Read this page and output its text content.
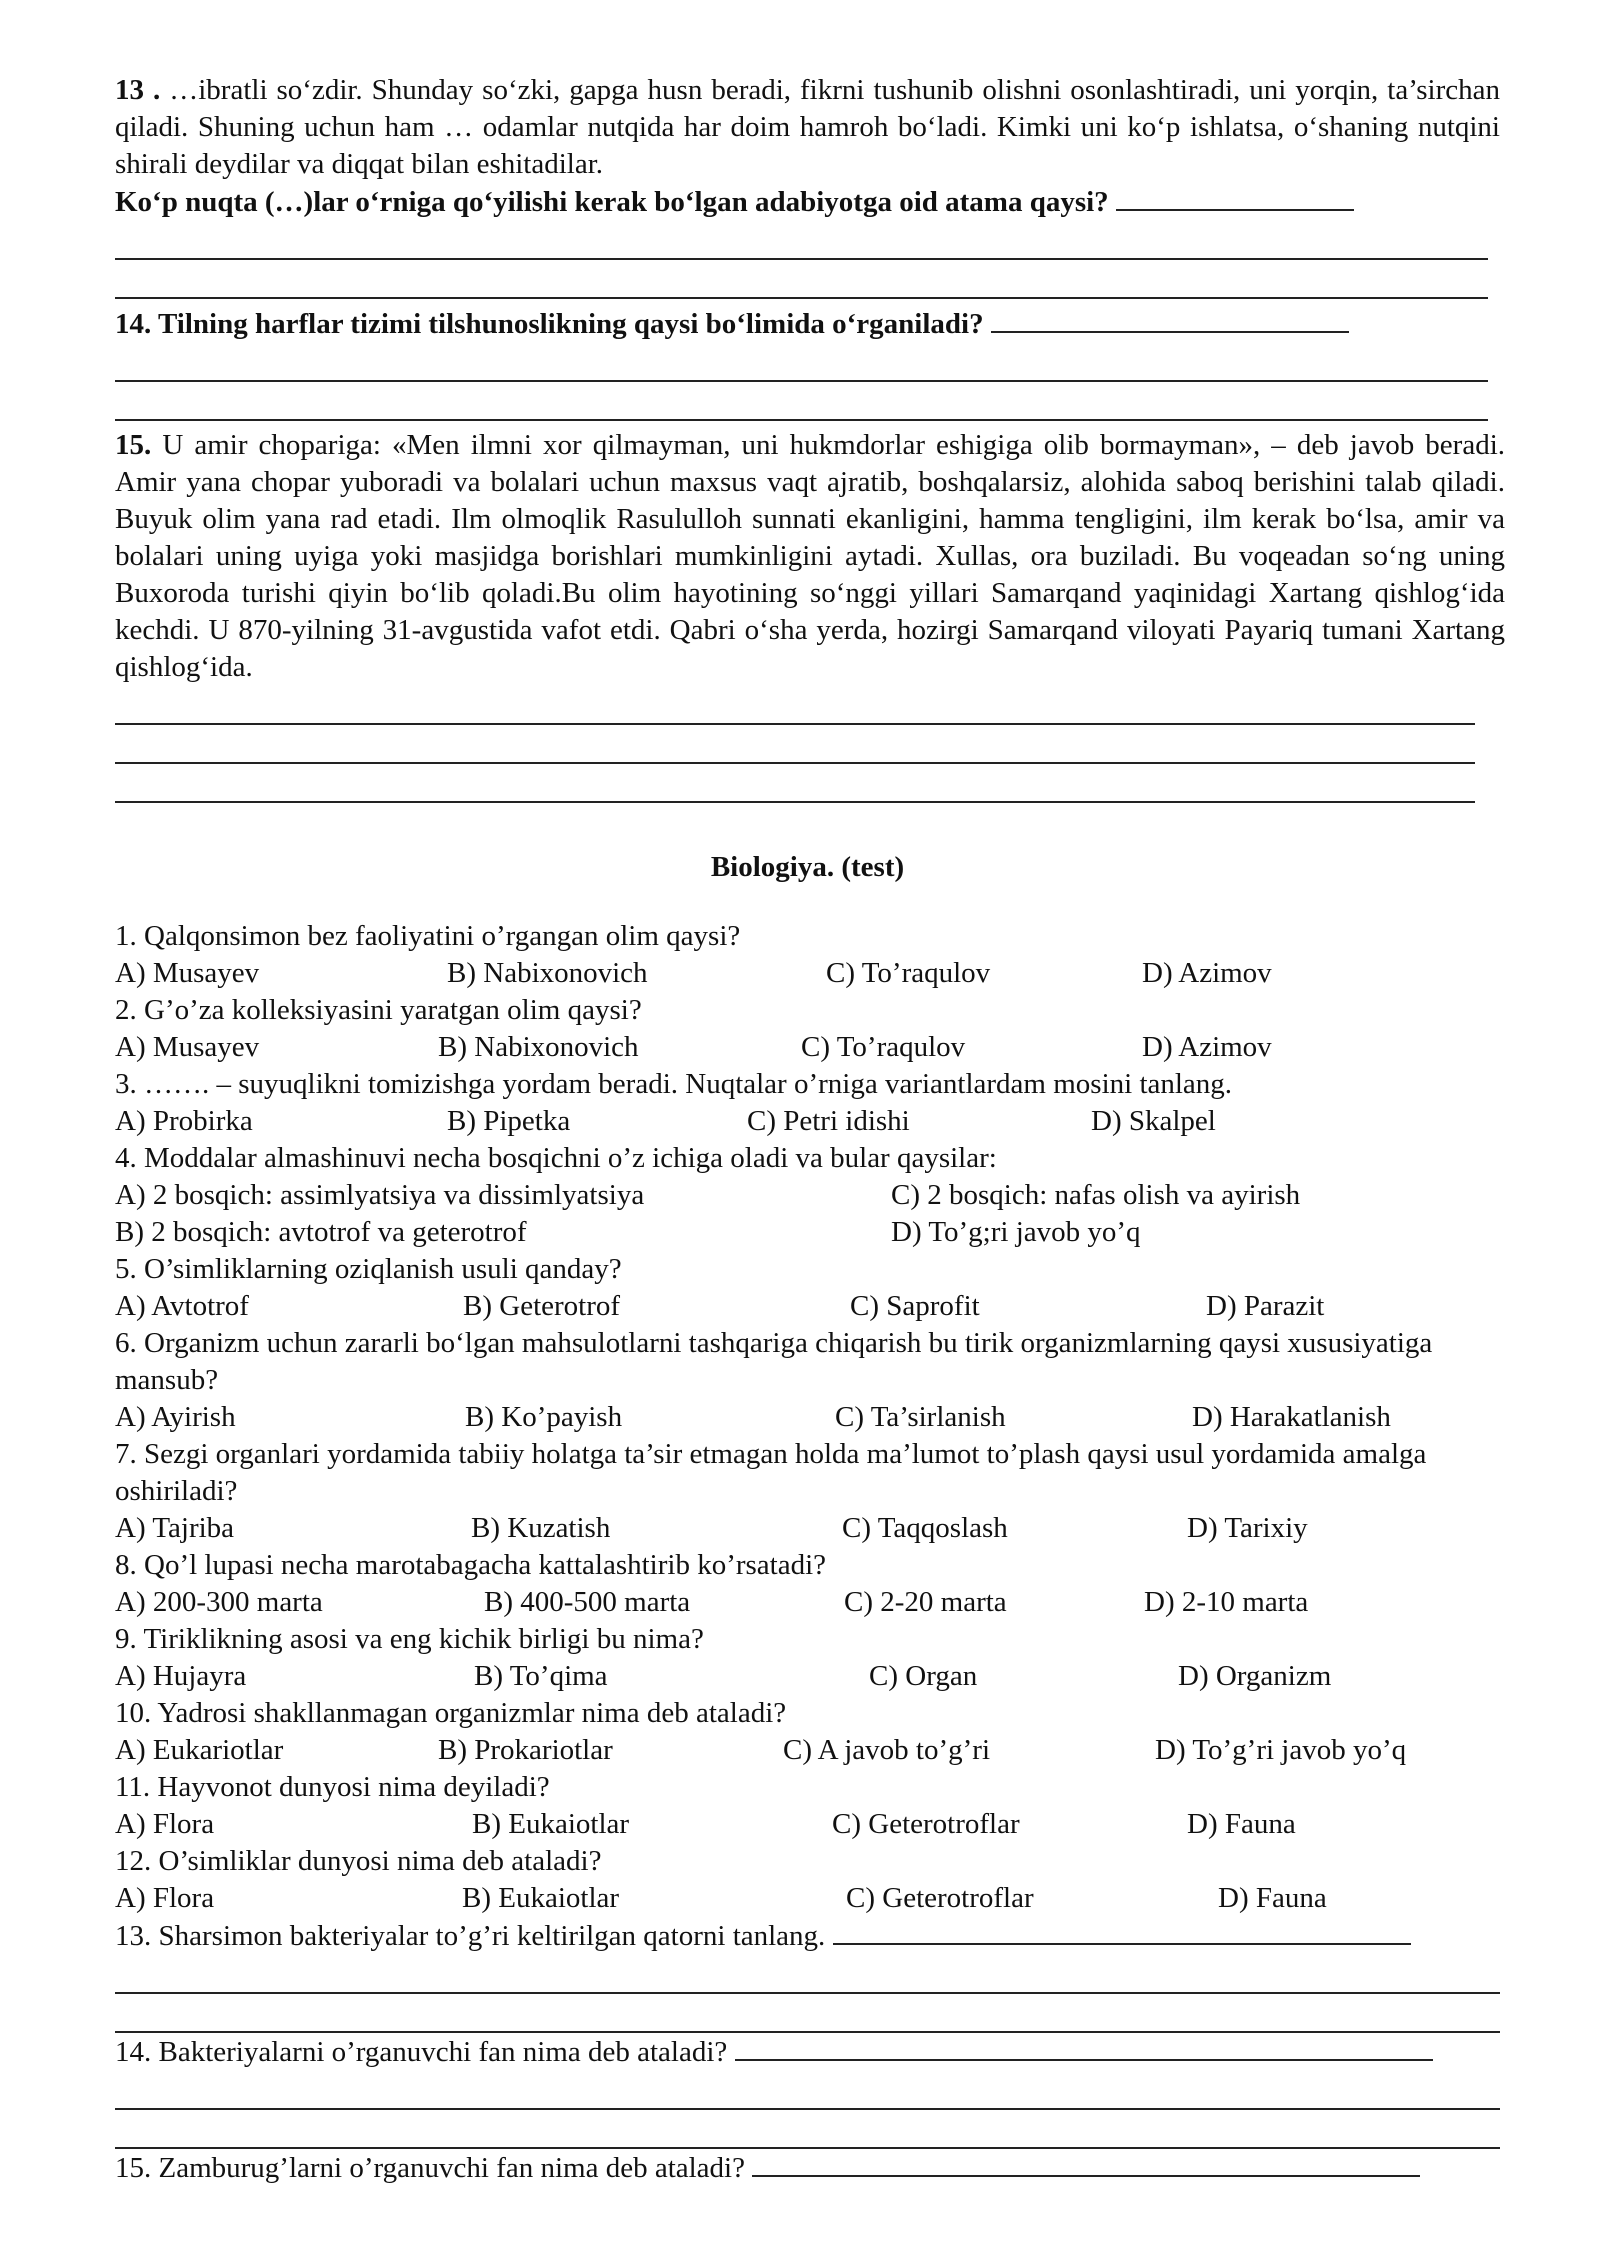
13 . …ibratli so‘zdir. Shunday so‘zki, gapga husn beradi, fikrni tushunib olishni osonlashtiradi, uni yorqin, ta’sirchan qiladi. Shuning uchun ham … odamlar nutqida har doim hamroh bo‘ladi. Kimki uni ko‘p ishlatsa, o‘shaning nutqini shirali deydilar va diqqat bilan eshitadilar.

Ko‘p nuqta (…)lar o‘rniga qo‘yilishi kerak bo‘lgan adabiyotga oid atama qaysi?

14. Tilning harflar tizimi tilshunoslikning qaysi bo‘limida o‘rganiladi?

15. U amir chopariga: «Men ilmni xor qilmayman, uni hukmdorlar eshigiga olib bormayman», – deb javob beradi. Amir yana chopar yuboradi va bolalari uchun maxsus vaqt ajratib, boshqalarsiz, alohida saboq berishini talab qiladi. Buyuk olim yana rad etadi. Ilm olmoqlik Rasululloh sunnati ekanligini, hamma tengligini, ilm kerak bo‘lsa, amir va bolalari uning uyiga yoki masjidga borishlari mumkinligini aytadi. Xullas, ora buziladi. Bu voqeadan so‘ng uning Buxoroda turishi qiyin bo‘lib qoladi.Bu olim hayotining so‘nggi yillari Samarqand yaqinidagi Xartang qishlog‘ida kechdi. U 870-yilning 31-avgustida vafot etdi. Qabri o‘sha yerda, hozirgi Samarqand viloyati Payariq tumani Xartang qishlog‘ida.

Biologiya. (test)

1. Qalqonsimon bez faoliyatini o’rgangan olim qaysi?

A) Musayev	B) Nabixonovich	C) To’raqulov	D) Azimov

2. G’o’za kolleksiyasini yaratgan olim qaysi?

A) Musayev	B) Nabixonovich	C) To’raqulov	D) Azimov

3. ……. – suyuqlikni tomizishga yordam beradi. Nuqtalar o’rniga variantlardam mosini tanlang.

A) Probirka	B) Pipetka	C) Petri idishi	D) Skalpel

4. Moddalar almashinuvi necha bosqichni o’z ichiga oladi va bular qaysilar:

A) 2 bosqich: assimlyatsiya va dissimlyatsiya	C) 2 bosqich: nafas olish va ayirish
B) 2 bosqich: avtotrof va geterotrof	D) To’g;ri javob yo’q

5. O’simliklarning oziqlanish usuli qanday?

A) Avtotrof	B) Geterotrof	C) Saprofit	D) Parazit

6. Organizm uchun zararli bo‘lgan mahsulotlarni tashqariga chiqarish bu tirik organizmlarning qaysi xususiyatiga mansub?

A) Ayirish	B) Ko’payish	C) Ta’sirlanish	D) Harakatlanish

7. Sezgi organlari yordamida tabiiy holatga ta’sir etmagan holda ma’lumot to’plash qaysi usul yordamida amalga oshiriladi?

A) Tajriba	B) Kuzatish	C) Taqqoslash	D) Tarixiy

8. Qo’l lupasi necha marotabagacha kattalashtirib ko’rsatadi?

A) 200-300 marta	B) 400-500 marta	C) 2-20 marta	D) 2-10 marta

9. Tiriklikning asosi va eng kichik birligi bu nima?

A) Hujayra	B) To’qima	C) Organ	D) Organizm

10. Yadrosi shakllanmagan organizmlar nima deb ataladi?

A) Eukariotlar	B) Prokariotlar	C) A javob to’g’ri	D) To’g’ri javob yo’q

11. Hayvonot dunyosi nima deyiladi?

A) Flora	B) Eukaiotlar	C) Geterotroflar	D) Fauna

12. O’simliklar dunyosi nima deb ataladi?

A) Flora	B) Eukaiotlar	C) Geterotroflar	D) Fauna

13. Sharsimon bakteriyalar to’g’ri keltirilgan qatorni tanlang.

14. Bakteriyalarni o’rganuvchi fan nima deb ataladi?

15. Zamburug’larni o’rganuvchi fan nima deb ataladi?
